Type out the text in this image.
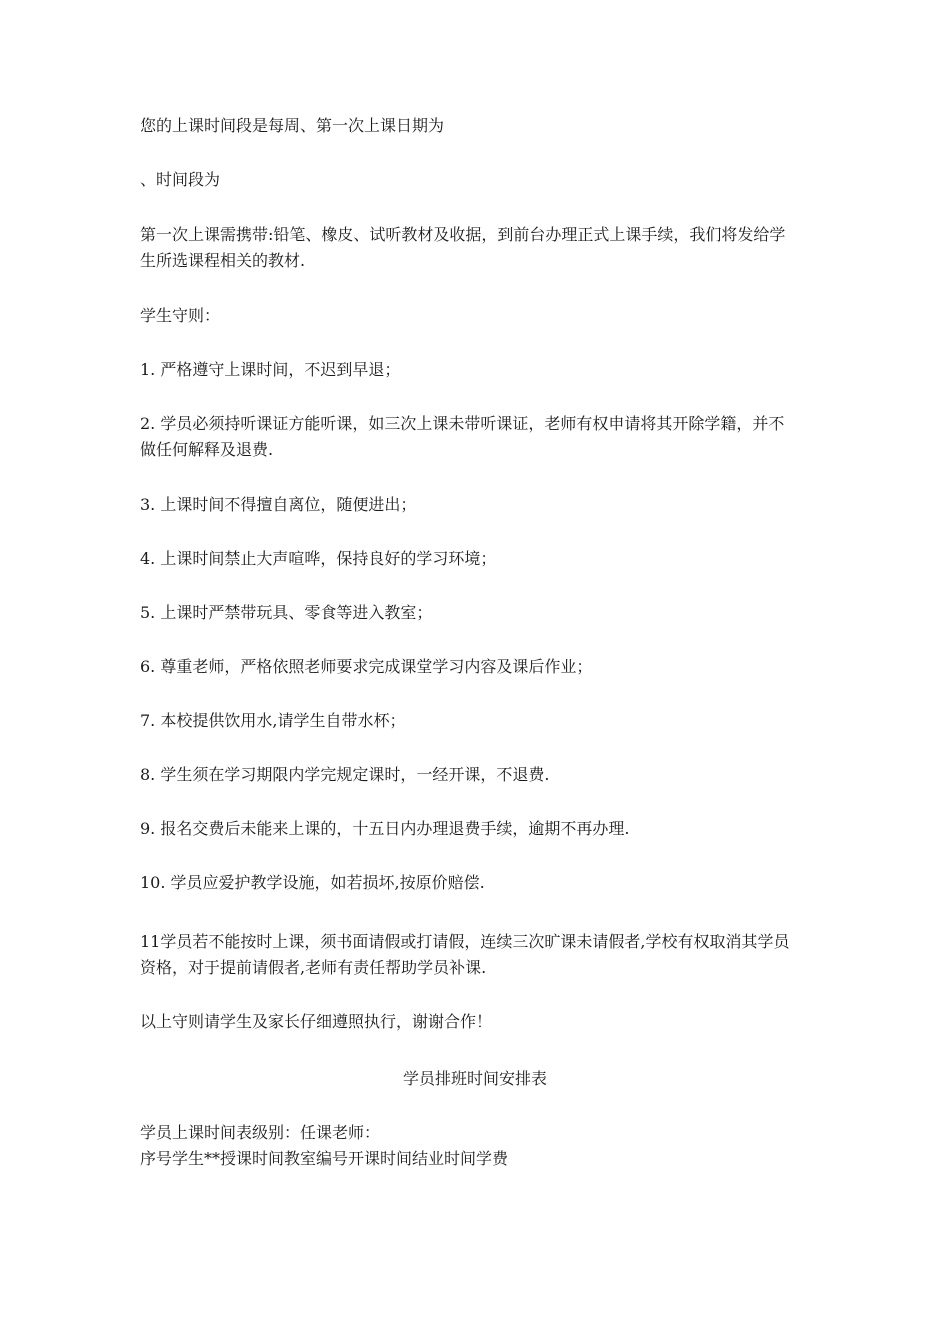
您的上课时间段是每周、第一次上课日期为

、时间段为

第一次上课需携带:铅笔、橡皮、试听教材及收据，到前台办理正式上课手续，我们将发给学生所选课程相关的教材.

学生守则：

1. 严格遵守上课时间，不迟到早退；

2. 学员必须持听课证方能听课，如三次上课未带听课证，老师有权申请将其开除学籍，并不做任何解释及退费.

3. 上课时间不得擅自离位，随便进出；

4. 上课时间禁止大声喧哗，保持良好的学习环境；

5. 上课时严禁带玩具、零食等进入教室；

6. 尊重老师，严格依照老师要求完成课堂学习内容及课后作业；

7. 本校提供饮用水,请学生自带水杯；

8. 学生须在学习期限内学完规定课时，一经开课，不退费.

9. 报名交费后未能来上课的，十五日内办理退费手续，逾期不再办理.

10. 学员应爱护教学设施，如若损坏,按原价赔偿.

11学员若不能按时上课，须书面请假或打请假，连续三次旷课未请假者,学校有权取消其学员资格，对于提前请假者,老师有责任帮助学员补课.

以上守则请学生及家长仔细遵照执行，谢谢合作！

学员排班时间安排表

学员上课时间表级别：任课老师：

序号学生**授课时间教室编号开课时间结业时间学费
